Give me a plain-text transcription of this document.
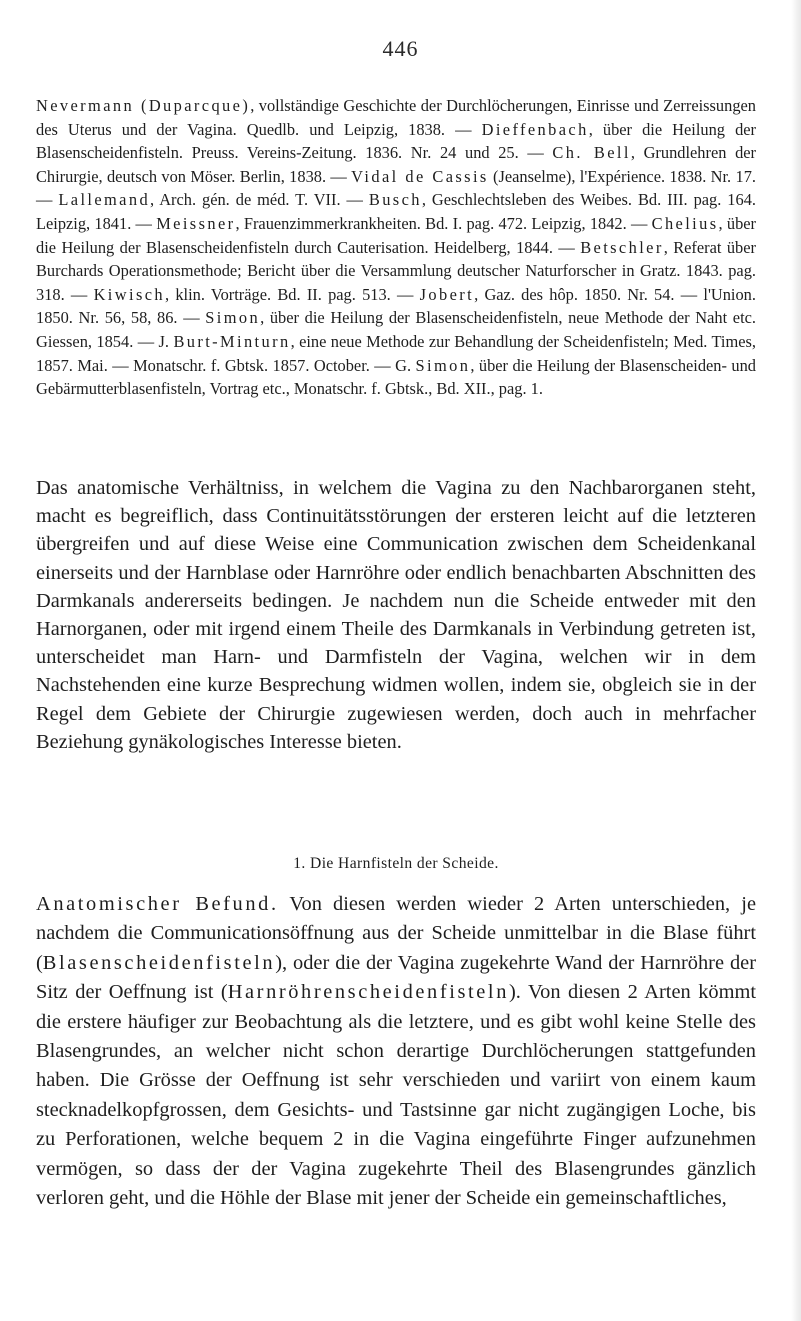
446
Nevermann (Duparcque), vollständige Geschichte der Durchlöcherungen, Einrisse und Zerreissungen des Uterus und der Vagina. Quedlb. und Leipzig, 1838. — Dieffenbach, über die Heilung der Blasenscheidenfisteln. Preuss. Vereins-Zeitung. 1836. Nr. 24 und 25. — Ch. Bell, Grundlehren der Chirurgie, deutsch von Möser. Berlin, 1838. — Vidal de Cassis (Jeanselme), l'Expérience. 1838. Nr. 17. — Lallemand, Arch. gén. de méd. T. VII. — Busch, Geschlechtsleben des Weibes. Bd. III. pag. 164. Leipzig, 1841. — Meissner, Frauenzimmerkrankheiten. Bd. I. pag. 472. Leipzig, 1842. — Chelius, über die Heilung der Blasenscheidenfisteln durch Cauterisation. Heidelberg, 1844. — Betschler, Referat über Burchards Operationsmethode; Bericht über die Versammlung deutscher Naturforscher in Gratz. 1843. pag. 318. — Kiwisch, klin. Vorträge. Bd. II. pag. 513. — Jobert, Gaz. des hôp. 1850. Nr. 54. — l'Union. 1850. Nr. 56, 58, 86. — Simon, über die Heilung der Blasenscheidenfisteln, neue Methode der Naht etc. Giessen, 1854. — J. Burt-Minturn, eine neue Methode zur Behandlung der Scheidenfisteln; Med. Times, 1857. Mai. — Monatschr. f. Gbtsk. 1857. October. — G. Simon, über die Heilung der Blasenscheiden- und Gebärmutterblasenfisteln, Vortrag etc., Monatschr. f. Gbtsk., Bd. XII., pag. 1.

Das anatomische Verhältniss, in welchem die Vagina zu den Nachbarorganen steht, macht es begreiflich, dass Continuitätsstörungen der ersteren leicht auf die letzteren übergreifen und auf diese Weise eine Communication zwischen dem Scheidenkanal einerseits und der Harnblase oder Harnröhre oder endlich benachbarten Abschnitten des Darmkanals andererseits bedingen. Je nachdem nun die Scheide entweder mit den Harnorganen, oder mit irgend einem Theile des Darmkanals in Verbindung getreten ist, unterscheidet man Harn- und Darmfisteln der Vagina, welchen wir in dem Nachstehenden eine kurze Besprechung widmen wollen, indem sie, obgleich sie in der Regel dem Gebiete der Chirurgie zugewiesen werden, doch auch in mehrfacher Beziehung gynäkologisches Interesse bieten.

1. Die Harnfisteln der Scheide.

Anatomischer Befund. Von diesen werden wieder 2 Arten unterschieden, je nachdem die Communicationsöffnung aus der Scheide unmittelbar in die Blase führt (Blasenscheidenfisteln), oder die der Vagina zugekehrte Wand der Harnröhre der Sitz der Oeffnung ist (Harnröhrenscheidenfisteln). Von diesen 2 Arten kömmt die erstere häufiger zur Beobachtung als die letztere, und es gibt wohl keine Stelle des Blasengrundes, an welcher nicht schon derartige Durchlöcherungen stattgefunden haben. Die Grösse der Oeffnung ist sehr verschieden und variirt von einem kaum stecknadelkopfgrossen, dem Gesichts- und Tastsinne gar nicht zugängigen Loche, bis zu Perforationen, welche bequem 2 in die Vagina eingeführte Finger aufzunehmen vermögen, so dass der der Vagina zugekehrte Theil des Blasengrundes gänzlich verloren geht, und die Höhle der Blase mit jener der Scheide ein gemeinschaftliches,
